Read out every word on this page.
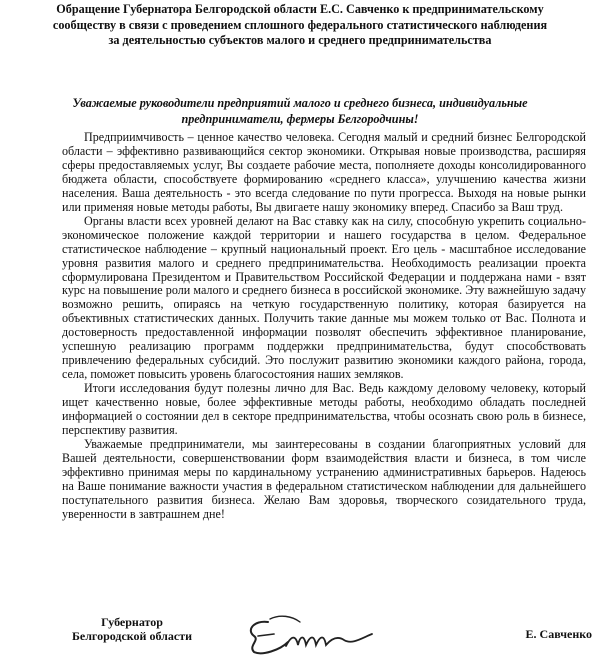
Обращение Губернатора Белгородской области Е.С. Савченко к предпринимательскому сообществу в связи с проведением сплошного федерального статистического наблюдения за деятельностью субъектов малого и среднего предпринимательства
Уважаемые руководители предприятий малого и среднего бизнеса, индивидуальные предприниматели, фермеры Белгородчины!

Предприимчивость – ценное качество человека. Сегодня малый и средний бизнес Белгородской области – эффективно развивающийся сектор экономики. Открывая новые производства, расширяя сферы предоставляемых услуг, Вы создаете рабочие места, пополняете доходы консолидированного бюджета области, способствуете формированию «среднего класса», улучшению качества жизни населения. Ваша деятельность - это всегда следование по пути прогресса. Выходя на новые рынки или применяя новые методы работы, Вы двигаете нашу экономику вперед. Спасибо за Ваш труд.

Органы власти всех уровней делают на Вас ставку как на силу, способную укрепить социально-экономическое положение каждой территории и нашего государства в целом. Федеральное статистическое наблюдение – крупный национальный проект. Его цель - масштабное исследование уровня развития малого и среднего предпринимательства. Необходимость реализации проекта сформулирована Президентом и Правительством Российской Федерации и поддержана нами - взят курс на повышение роли малого и среднего бизнеса в российской экономике. Эту важнейшую задачу возможно решить, опираясь на четкую государственную политику, которая базируется на объективных статистических данных. Получить такие данные мы можем только от Вас. Полнота и достоверность предоставленной информации позволят обеспечить эффективное планирование, успешную реализацию программ поддержки предпринимательства, будут способствовать привлечению федеральных субсидий. Это послужит развитию экономики каждого района, города, села, поможет повысить уровень благосостояния наших земляков.

Итоги исследования будут полезны лично для Вас. Ведь каждому деловому человеку, который ищет качественно новые, более эффективные методы работы, необходимо обладать последней информацией о состоянии дел в секторе предпринимательства, чтобы осознать свою роль в бизнесе, перспективу развития.

Уважаемые предприниматели, мы заинтересованы в создании благоприятных условий для Вашей деятельности, совершенствовании форм взаимодействия власти и бизнеса, в том числе эффективно принимая меры по кардинальному устранению административных барьеров. Надеюсь на Ваше понимание важности участия в федеральном статистическом наблюдении для дальнейшего поступательного развития бизнеса. Желаю Вам здоровья, творческого созидательного труда, уверенности в завтрашнем дне!

Губернатор
Белгородской области	Е. Савченко
